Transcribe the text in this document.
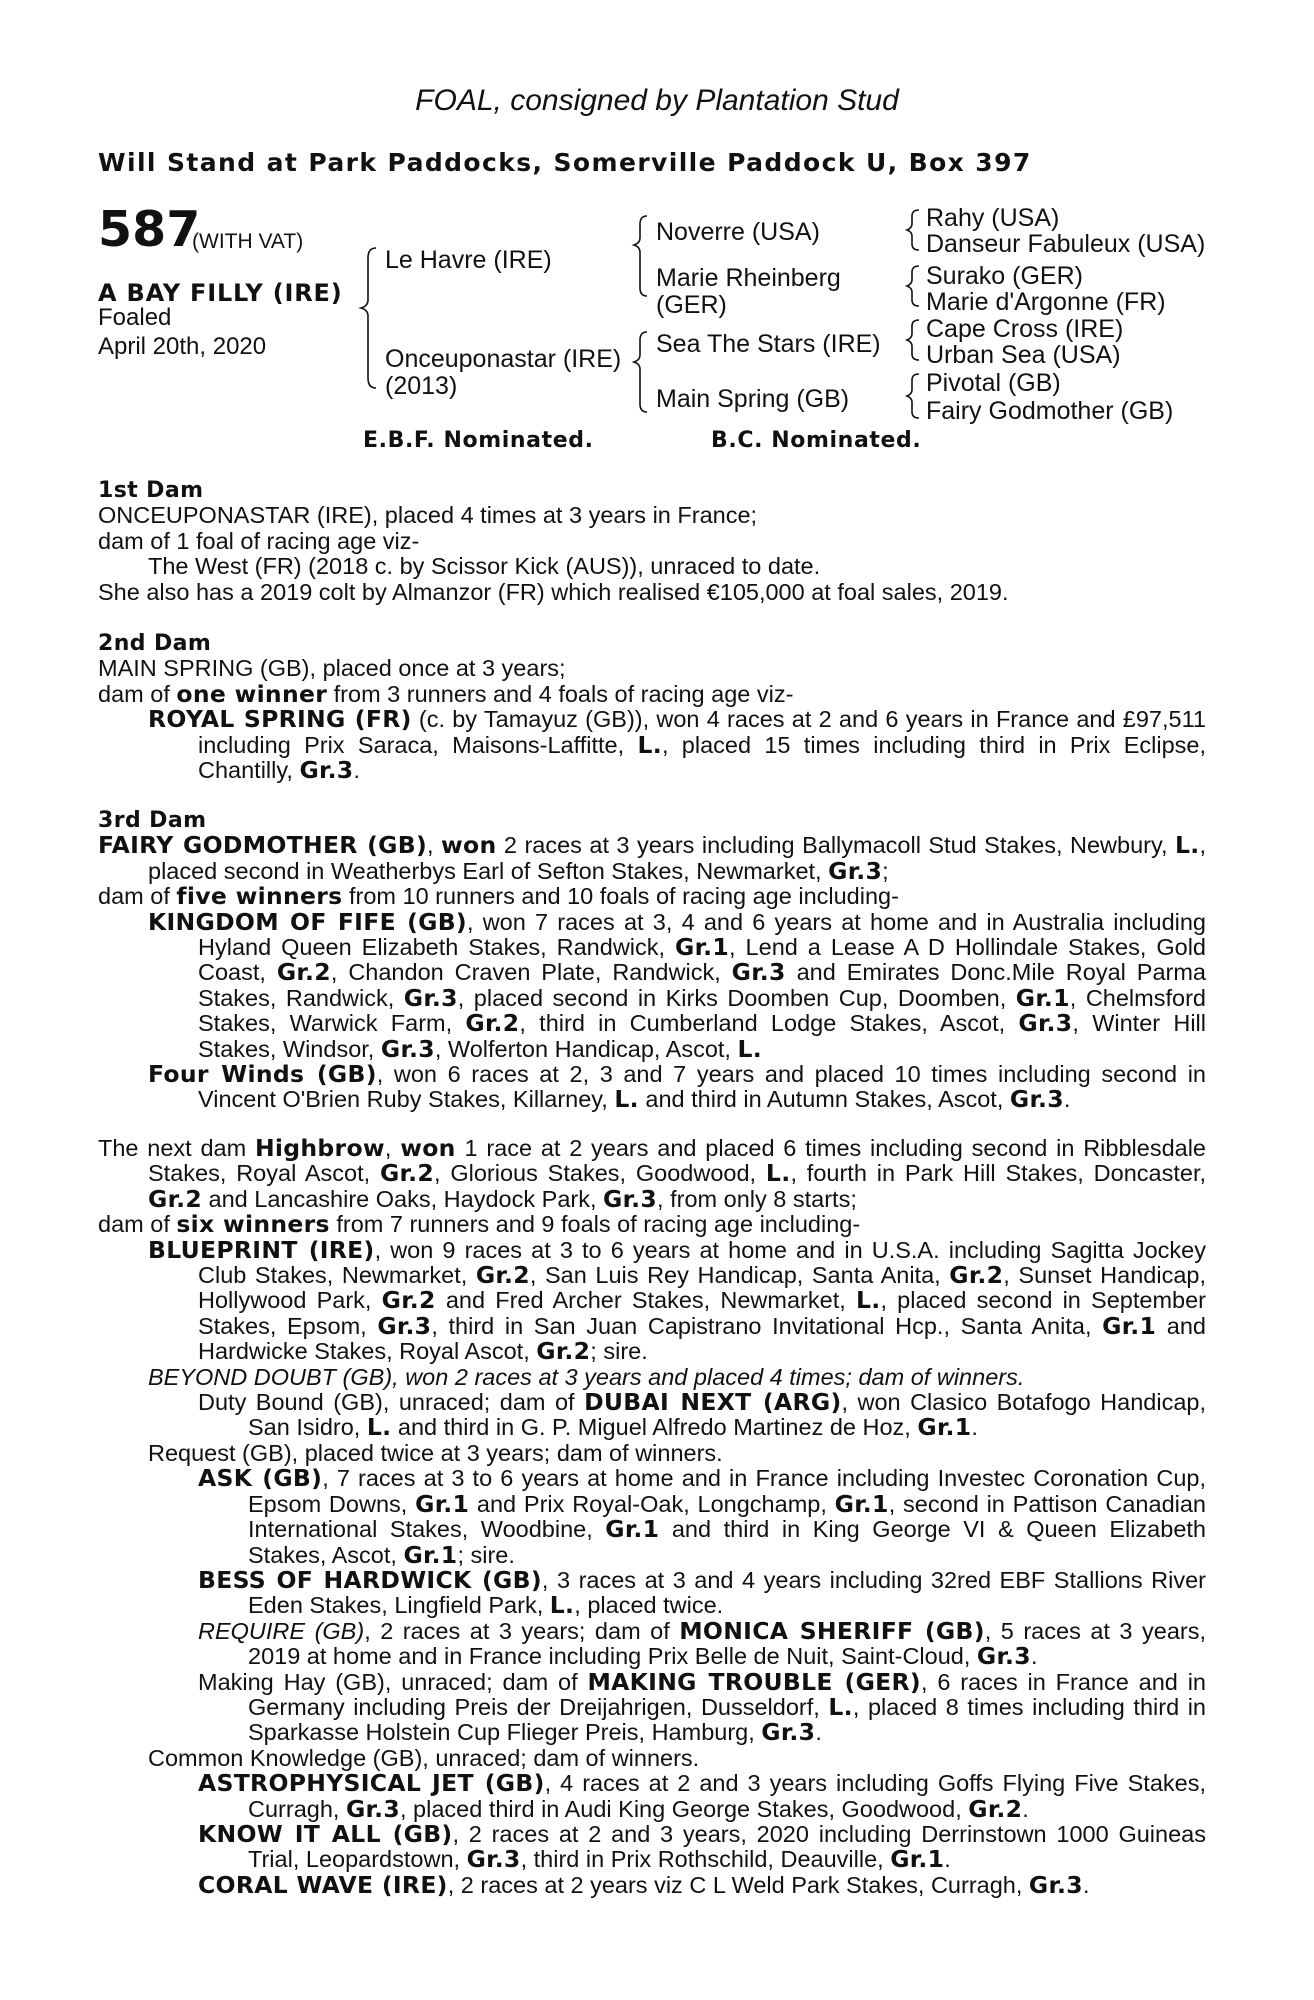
FOAL, consigned by Plantation Stud
Will Stand at Park Paddocks, Somerville Paddock U, Box 397
587
(WITH VAT)
A BAY FILLY (IRE)
Foaled
April 20th, 2020
Le Havre (IRE)
Onceuponastar (IRE)
(2013)
Noverre (USA)
Marie Rheinberg
(GER)
Sea The Stars (IRE)
Main Spring (GB)
Rahy (USA)
Danseur Fabuleux (USA)
Surako (GER)
Marie d'Argonne (FR)
Cape Cross (IRE)
Urban Sea (USA)
Pivotal (GB)
Fairy Godmother (GB)
E.B.F. Nominated.	B.C. Nominated.
1st Dam
ONCEUPONASTAR (IRE), placed 4 times at 3 years in France;
dam of 1 foal of racing age viz-
The West (FR) (2018 c. by Scissor Kick (AUS)), unraced to date.
She also has a 2019 colt by Almanzor (FR) which realised €105,000 at foal sales, 2019.
2nd Dam
MAIN SPRING (GB), placed once at 3 years;
dam of one winner from 3 runners and 4 foals of racing age viz-
ROYAL SPRING (FR) (c. by Tamayuz (GB)), won 4 races at 2 and 6 years in France and £97,511 including Prix Saraca, Maisons-Laffitte, L., placed 15 times including third in Prix Eclipse, Chantilly, Gr.3.
3rd Dam
FAIRY GODMOTHER (GB), won 2 races at 3 years including Ballymacoll Stud Stakes, Newbury, L., placed second in Weatherbys Earl of Sefton Stakes, Newmarket, Gr.3;
dam of five winners from 10 runners and 10 foals of racing age including-
KINGDOM OF FIFE (GB), won 7 races at 3, 4 and 6 years at home and in Australia including Hyland Queen Elizabeth Stakes, Randwick, Gr.1, Lend a Lease A D Hollindale Stakes, Gold Coast, Gr.2, Chandon Craven Plate, Randwick, Gr.3 and Emirates Donc.Mile Royal Parma Stakes, Randwick, Gr.3, placed second in Kirks Doomben Cup, Doomben, Gr.1, Chelmsford Stakes, Warwick Farm, Gr.2, third in Cumberland Lodge Stakes, Ascot, Gr.3, Winter Hill Stakes, Windsor, Gr.3, Wolferton Handicap, Ascot, L.
Four Winds (GB), won 6 races at 2, 3 and 7 years and placed 10 times including second in Vincent O'Brien Ruby Stakes, Killarney, L. and third in Autumn Stakes, Ascot, Gr.3.
The next dam Highbrow, won 1 race at 2 years and placed 6 times including second in Ribblesdale Stakes, Royal Ascot, Gr.2, Glorious Stakes, Goodwood, L., fourth in Park Hill Stakes, Doncaster, Gr.2 and Lancashire Oaks, Haydock Park, Gr.3, from only 8 starts;
dam of six winners from 7 runners and 9 foals of racing age including-
BLUEPRINT (IRE), won 9 races at 3 to 6 years at home and in U.S.A. including Sagitta Jockey Club Stakes, Newmarket, Gr.2, San Luis Rey Handicap, Santa Anita, Gr.2, Sunset Handicap, Hollywood Park, Gr.2 and Fred Archer Stakes, Newmarket, L., placed second in September Stakes, Epsom, Gr.3, third in San Juan Capistrano Invitational Hcp., Santa Anita, Gr.1 and Hardwicke Stakes, Royal Ascot, Gr.2; sire.
BEYOND DOUBT (GB), won 2 races at 3 years and placed 4 times; dam of winners.
Duty Bound (GB), unraced; dam of DUBAI NEXT (ARG), won Clasico Botafogo Handicap, San Isidro, L. and third in G. P. Miguel Alfredo Martinez de Hoz, Gr.1.
Request (GB), placed twice at 3 years; dam of winners.
ASK (GB), 7 races at 3 to 6 years at home and in France including Investec Coronation Cup, Epsom Downs, Gr.1 and Prix Royal-Oak, Longchamp, Gr.1, second in Pattison Canadian International Stakes, Woodbine, Gr.1 and third in King George VI & Queen Elizabeth Stakes, Ascot, Gr.1; sire.
BESS OF HARDWICK (GB), 3 races at 3 and 4 years including 32red EBF Stallions River Eden Stakes, Lingfield Park, L., placed twice.
REQUIRE (GB), 2 races at 3 years; dam of MONICA SHERIFF (GB), 5 races at 3 years, 2019 at home and in France including Prix Belle de Nuit, Saint-Cloud, Gr.3.
Making Hay (GB), unraced; dam of MAKING TROUBLE (GER), 6 races in France and in Germany including Preis der Dreijahrigen, Dusseldorf, L., placed 8 times including third in Sparkasse Holstein Cup Flieger Preis, Hamburg, Gr.3.
Common Knowledge (GB), unraced; dam of winners.
ASTROPHYSICAL JET (GB), 4 races at 2 and 3 years including Goffs Flying Five Stakes, Curragh, Gr.3, placed third in Audi King George Stakes, Goodwood, Gr.2.
KNOW IT ALL (GB), 2 races at 2 and 3 years, 2020 including Derrinstown 1000 Guineas Trial, Leopardstown, Gr.3, third in Prix Rothschild, Deauville, Gr.1.
CORAL WAVE (IRE), 2 races at 2 years viz C L Weld Park Stakes, Curragh, Gr.3.
